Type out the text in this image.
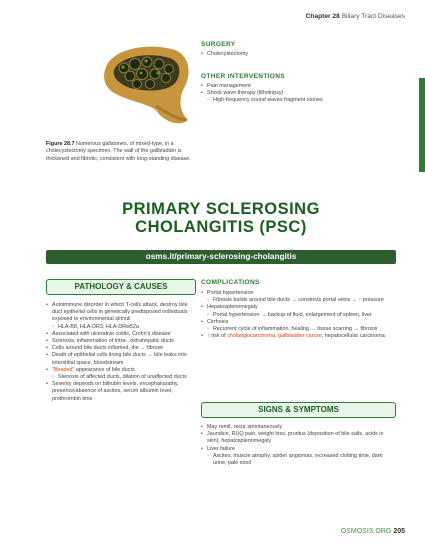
Chapter 28 Biliary Tract Diseases
Figure 28.7 Numerous gallstones, of mixed-type, in a cholecystectomy specimen. The wall of the gallbladder is thickened and fibrotic, consistent with long-standing disease.
SURGERY
• Cholecystectomy
OTHER INTERVENTIONS
• Pain management
• Shock wave therapy (lithotripsy)
◦ High-frequency sound waves fragment stones
PRIMARY SCLEROSING
CHOLANGITIS (PSC)
osms.it/primary-sclerosing-cholangitis
PATHOLOGY & CAUSES
• Autoimmune disorder in which T-cells attack, destroy bile duct epithelial cells in genetically predisposed individuals exposed to environmental stimuli
◦ HLA-B8, HLA-DR3, HLA-DRw52a
• Associated with ulcerative colitis, Crohn's disease
• Sclerosis, inflammation of intra-, extrahepatic ducts
• Cells around bile ducts inflamed, die → fibrose
• Death of epithelial cells lining bile ducts → bile leaks into interstitial space, bloodstream
• "Beaded" appearance of bile ducts
◦ Stenosis of affected ducts, dilation of unaffected ducts
• Severity depends on bilirubin levels, encephalopathy, presence/absence of ascites, serum albumin level, prothrombin time
COMPLICATIONS
• Portal hypertension
◦ Fibrosis builds around bile ducts → constricts portal veins → ↑ pressure
• Hepatosplenomegaly
◦ Portal hypertension → backup of fluid, enlargement of spleen, liver
• Cirrhosis
◦ Recurrent cycle of inflammation, healing → tissue scarring → fibrosis
• ↑ risk of cholangiocarcinoma, gallbladder cancer, hepatocellular carcinoma
SIGNS & SYMPTOMS
• May remit, recur spontaneously
• Jaundice, RUQ pain, weight loss, pruritus (deposition of bile salts, acids in skin), hepatosplenomegaly
• Liver failure
◦ Ascites, muscle atrophy, spider angiomas, increased clotting time, dark urine, pale stool
OSMOSIS.ORG 205
